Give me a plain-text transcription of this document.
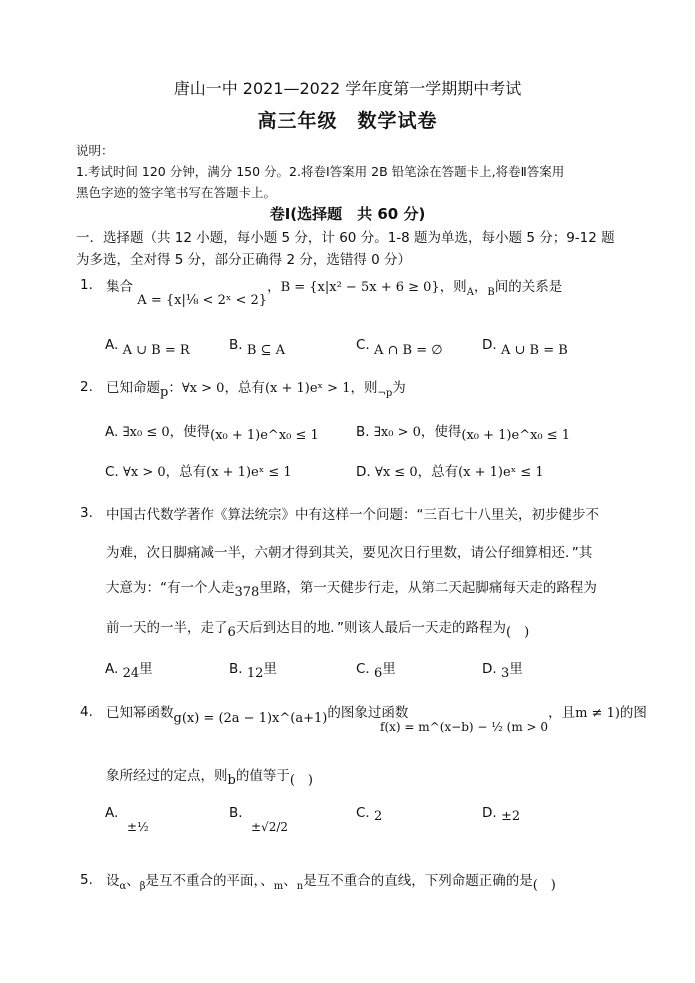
唐山一中 2021—2022 学年度第一学期期中考试
高三年级　数学试卷
说明：
1.考试时间 120 分钟，满分 150 分。2.将卷Ⅰ答案用 2B 铅笔涂在答题卡上,将卷Ⅱ答案用
黑色字迹的签字笔书写在答题卡上。
卷Ⅰ(选择题　共 60 分)
一．选择题（共 12 小题，每小题 5 分，计 60 分。1-8 题为单选，每小题 5 分；9-12 题
为多选，全对得 5 分，部分正确得 2 分，选错得 0 分）
1. 集合 A = {x|⅛ < 2ˣ < 2}，B = {x|x² − 5x + 6 ≥ 0}，则$_A$，$_B$间的关系是
A. A ∪ B = R	B. B ⊆ A	C. A ∩ B = ∅	D. A ∪ B = B
2. 已知命题p：∀x > 0，总有(x + 1)eˣ > 1，则$_{\neg p}$为
A. ∃x₀ ≤ 0，使得(x₀ + 1)e^x₀ ≤ 1	B. ∃x₀ > 0，使得(x₀ + 1)e^x₀ ≤ 1
C. ∀x > 0，总有(x + 1)eˣ ≤ 1	D. ∀x ≤ 0，总有(x + 1)eˣ ≤ 1
3. 中国古代数学著作《算法统宗》中有这样一个问题：“三百七十八里关，初步健步不
为难，次日脚痛减一半，六朝才得到其关，要见次日行里数，请公仔细算相还．”其
大意为：“有一个人走378里路，第一天健步行走，从第二天起脚痛每天走的路程为
前一天的一半，走了6天后到达目的地．”则该人最后一天走的路程为(　)
A. 24里	B. 12里	C. 6里	D. 3里
4. 已知幂函数g(x) = (2a − 1)x^(a+1)的图象过函数
f(x) = m^(x−b) − ½ (m > 0，且m ≠ 1)的图
象所经过的定点，则b的值等于(　)
A.
±½
B.
±√2/2
C. 2	D. ±2
5. 设$_\alpha$、$_\beta$是互不重合的平面，、$_m$、$_n$是互不重合的直线，下列命题正确的是(　)
